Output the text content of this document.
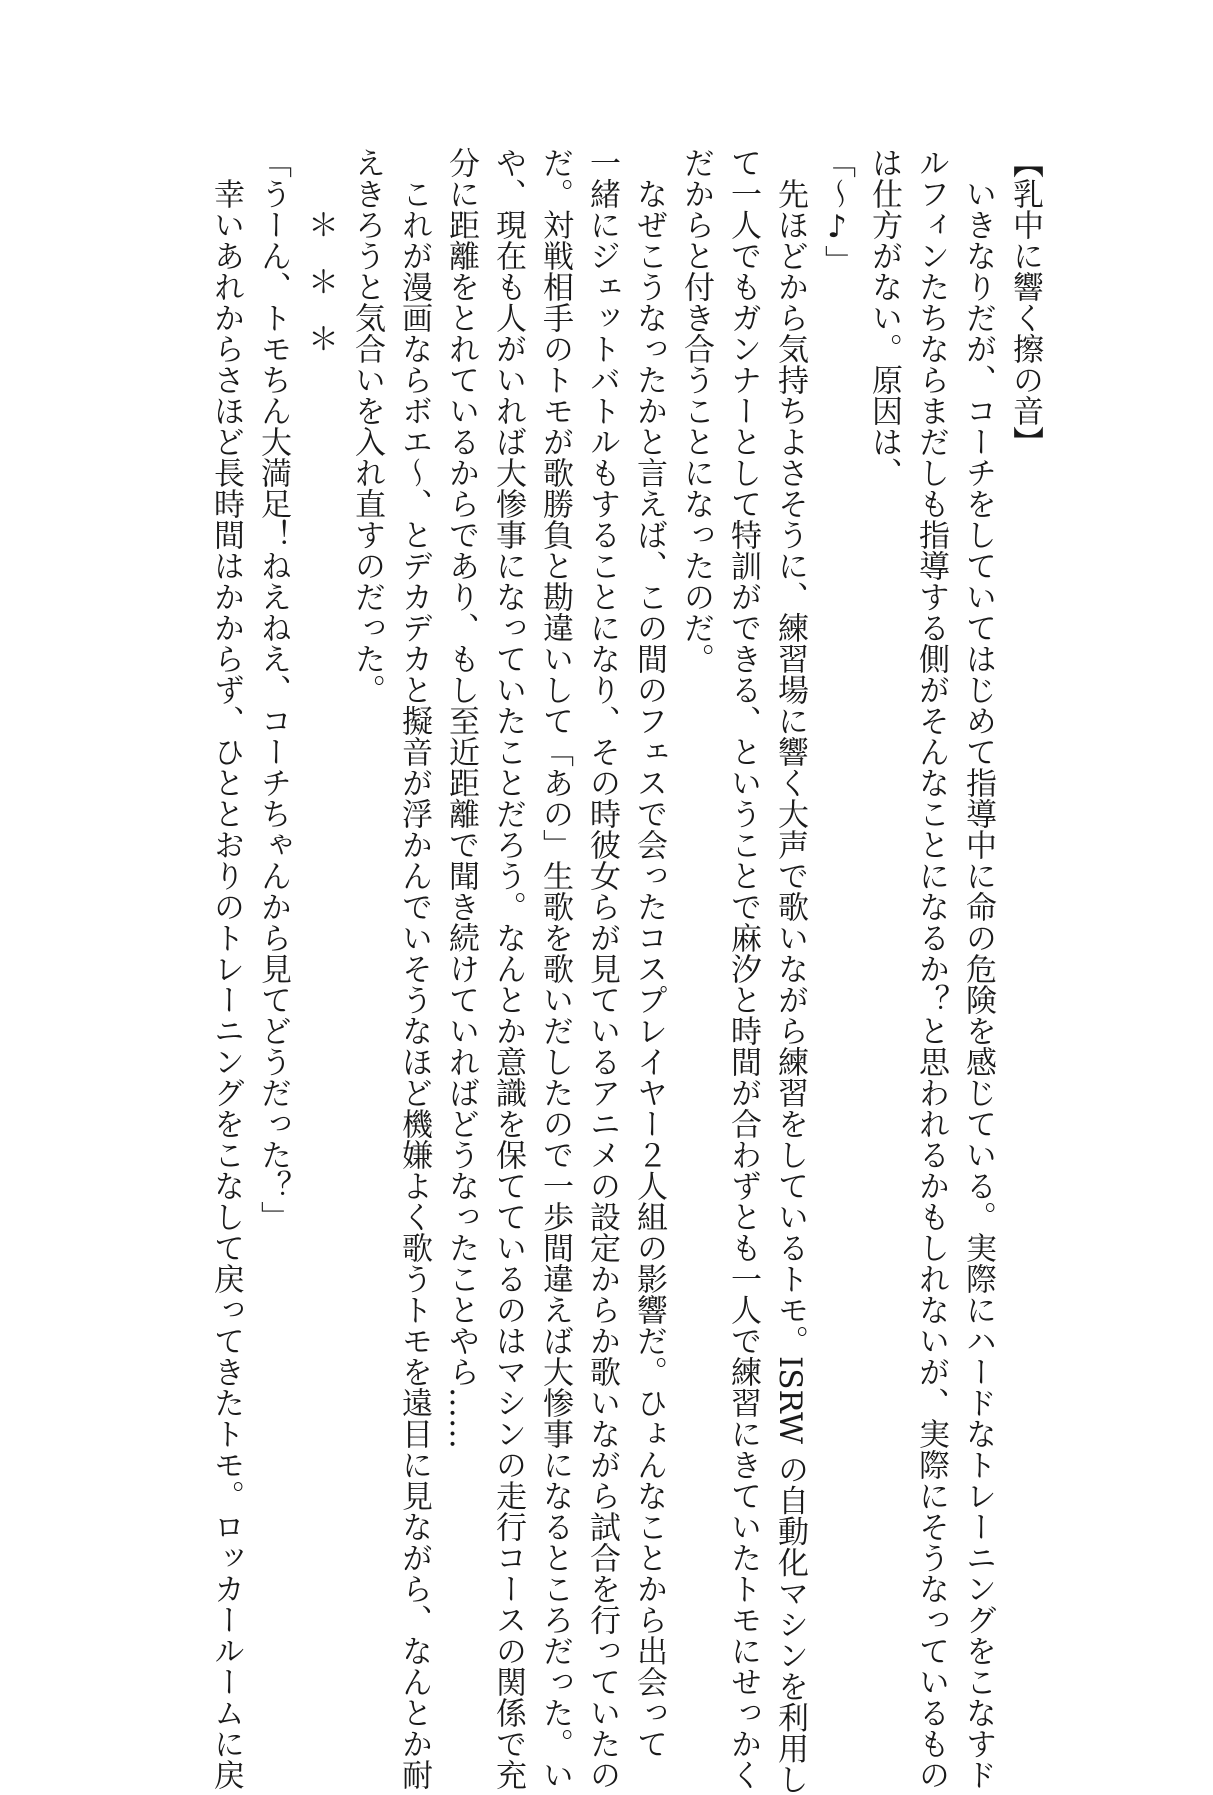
【乳中に響く擦の音】
　いきなりだが、コーチをしていてはじめて指導中に命の危険を感じている。実際にハードなトレーニングをこなすド
ルフィンたちならまだしも指導する側がそんなことになるか？と思われるかもしれないが、実際にそうなっているもの
は仕方がない。原因は、
「～♪」
　先ほどから気持ちよさそうに、練習場に響く大声で歌いながら練習をしているトモ。ISRW の自動化マシンを利用し
て一人でもガンナーとして特訓ができる、ということで麻汐と時間が合わずとも一人で練習にきていたトモにせっかく
だからと付き合うことになったのだ。
　なぜこうなったかと言えば、この間のフェスで会ったコスプレイヤー２人組の影響だ。ひょんなことから出会って
一緒にジェットバトルもすることになり、その時彼女らが見ているアニメの設定からか歌いながら試合を行っていたの
だ。対戦相手のトモが歌勝負と勘違いして「あの」生歌を歌いだしたので一歩間違えば大惨事になるところだった。い
や、現在も人がいれば大惨事になっていたことだろう。なんとか意識を保てているのはマシンの走行コースの関係で充
分に距離をとれているからであり、もし至近距離で聞き続けていればどうなったことやら……
　これが漫画ならボエ～、とデカデカと擬音が浮かんでいそうなほど機嫌よく歌うトモを遠目に見ながら、なんとか耐
えきろうと気合いを入れ直すのだった。
＊＊＊
「うーん、トモちん大満足！ねえねえ、コーチちゃんから見てどうだった？」
　幸いあれからさほど長時間はかからず、ひととおりのトレーニングをこなして戻ってきたトモ。ロッカールームに戻
